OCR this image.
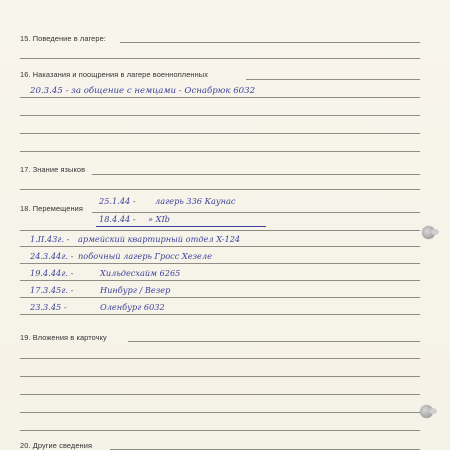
15. Поведение в лагере:
16. Наказания и поощрения в лагере военнопленных
20.3.45 - за общение с немцами - Оснабрюк 6032
17. Знание языков
18. Перемещения
25.1.44 - лагерь 336 Каунас
18.4.44 - » XIb
1.II.43г. - армейский квартирный отдел X-124
24.3.44г. - побочный лагерь Гросс Хезеле
19.4.44г. -	Хильдесхайм 6265
17.3.45г. -	Нинбург / Везер
23.3.45 -	Оленбург 6032
19. Вложения в карточку
20. Другие сведения
